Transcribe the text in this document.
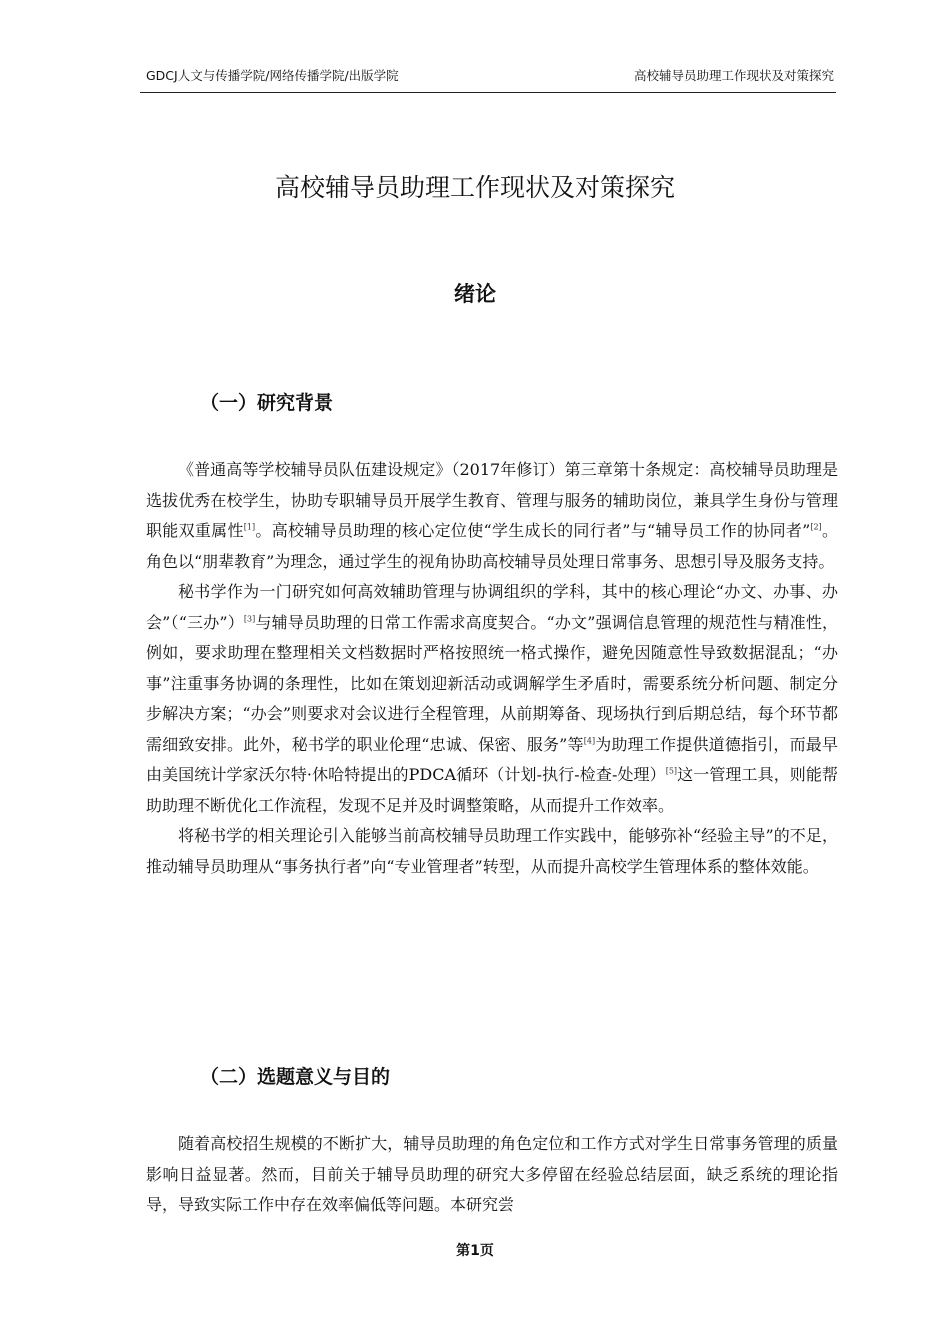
GDCJ人文与传播学院/网络传播学院/出版学院	高校辅导员助理工作现状及对策探究
高校辅导员助理工作现状及对策探究
绪论
（一）研究背景

《普通高等学校辅导员队伍建设规定》（2017年修订）第三章第十条规定：高校辅导员助理是选拔优秀在校学生，协助专职辅导员开展学生教育、管理与服务的辅助岗位，兼具学生身份与管理职能双重属性[1]。高校辅导员助理的核心定位使“学生成长的同行者”与“辅导员工作的协同者”[2]。角色以“朋辈教育”为理念，通过学生的视角协助高校辅导员处理日常事务、思想引导及服务支持。

秘书学作为一门研究如何高效辅助管理与协调组织的学科，其中的核心理论“办文、办事、办会”（“三办”）[3]与辅导员助理的日常工作需求高度契合。“办文”强调信息管理的规范性与精准性，例如，要求助理在整理相关文档数据时严格按照统一格式操作，避免因随意性导致数据混乱；“办事”注重事务协调的条理性，比如在策划迎新活动或调解学生矛盾时，需要系统分析问题、制定分步解决方案；“办会”则要求对会议进行全程管理，从前期筹备、现场执行到后期总结，每个环节都需细致安排。此外，秘书学的职业伦理“忠诚、保密、服务”等[4]为助理工作提供道德指引，而最早由美国统计学家沃尔特·休哈特提出的PDCA循环（计划-执行-检查-处理）[5]这一管理工具，则能帮助助理不断优化工作流程，发现不足并及时调整策略，从而提升工作效率。

将秘书学的相关理论引入能够当前高校辅导员助理工作实践中，能够弥补“经验主导”的不足，推动辅导员助理从“事务执行者”向“专业管理者”转型，从而提升高校学生管理体系的整体效能。

（二）选题意义与目的

随着高校招生规模的不断扩大，辅导员助理的角色定位和工作方式对学生日常事务管理的质量影响日益显著。然而，目前关于辅导员助理的研究大多停留在经验总结层面，缺乏系统的理论指导，导致实际工作中存在效率偏低等问题。本研究尝

第1页
